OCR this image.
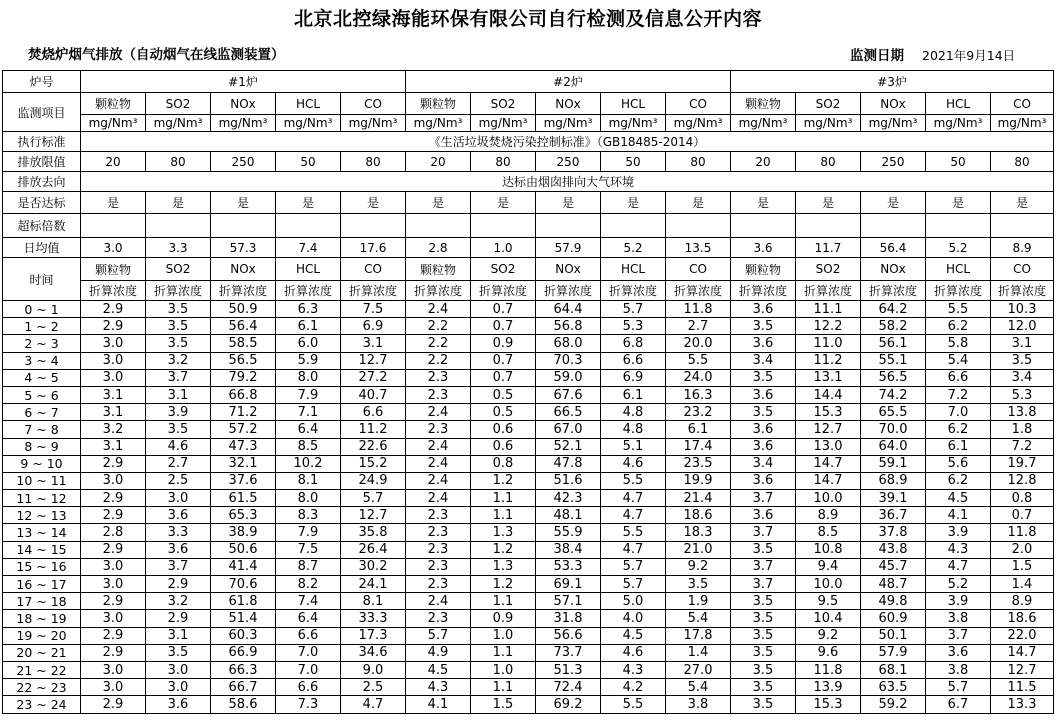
北京北控绿海能环保有限公司自行检测及信息公开内容
焚烧炉烟气排放（自动烟气在线监测装置）	监测日期 2021年9月14日
炉号	#1炉					#2炉					#3炉				
监测项目	颗粒物	SO2	NOx	HCL	CO	颗粒物	SO2	NOx	HCL	CO	颗粒物	SO2	NOx	HCL	CO
	mg/Nm³	mg/Nm³	mg/Nm³	mg/Nm³	mg/Nm³	mg/Nm³	mg/Nm³	mg/Nm³	mg/Nm³	mg/Nm³	mg/Nm³	mg/Nm³	mg/Nm³	mg/Nm³	mg/Nm³
执行标准	《生活垃圾焚烧污染控制标准》（GB18485-2014）														
排放限值	20	80	250	50	80	20	80	250	50	80	20	80	250	50	80
排放去向	达标由烟囱排向大气环境														
是否达标	是	是	是	是	是	是	是	是	是	是	是	是	是	是	是
超标倍数															
日均值	3.0	3.3	57.3	7.4	17.6	2.8	1.0	57.9	5.2	13.5	3.6	11.7	56.4	5.2	8.9
时间	颗粒物	SO2	NOx	HCL	CO	颗粒物	SO2	NOx	HCL	CO	颗粒物	SO2	NOx	HCL	CO
	折算浓度	折算浓度	折算浓度	折算浓度	折算浓度	折算浓度	折算浓度	折算浓度	折算浓度	折算浓度	折算浓度	折算浓度	折算浓度	折算浓度	折算浓度
0 ~ 1	2.9	3.5	50.9	6.3	7.5	2.4	0.7	64.4	5.7	11.8	3.6	11.1	64.2	5.5	10.3
1 ~ 2	2.9	3.5	56.4	6.1	6.9	2.2	0.7	56.8	5.3	2.7	3.5	12.2	58.2	6.2	12.0
2 ~ 3	3.0	3.5	58.5	6.0	3.1	2.2	0.9	68.0	6.8	20.0	3.6	11.0	56.1	5.8	3.1
3 ~ 4	3.0	3.2	56.5	5.9	12.7	2.2	0.7	70.3	6.6	5.5	3.4	11.2	55.1	5.4	3.5
4 ~ 5	3.0	3.7	79.2	8.0	27.2	2.3	0.7	59.0	6.9	24.0	3.5	13.1	56.5	6.6	3.4
5 ~ 6	3.1	3.1	66.8	7.9	40.7	2.3	0.5	67.6	6.1	16.3	3.6	14.4	74.2	7.2	5.3
6 ~ 7	3.1	3.9	71.2	7.1	6.6	2.4	0.5	66.5	4.8	23.2	3.5	15.3	65.5	7.0	13.8
7 ~ 8	3.2	3.5	57.2	6.4	11.2	2.3	0.6	67.0	4.8	6.1	3.6	12.7	70.0	6.2	1.8
8 ~ 9	3.1	4.6	47.3	8.5	22.6	2.4	0.6	52.1	5.1	17.4	3.6	13.0	64.0	6.1	7.2
9 ~ 10	2.9	2.7	32.1	10.2	15.2	2.4	0.8	47.8	4.6	23.5	3.4	14.7	59.1	5.6	19.7
10 ~ 11	3.0	2.5	37.6	8.1	24.9	2.4	1.2	51.6	5.5	19.9	3.6	14.7	68.9	6.2	12.8
11 ~ 12	2.9	3.0	61.5	8.0	5.7	2.4	1.1	42.3	4.7	21.4	3.7	10.0	39.1	4.5	0.8
12 ~ 13	2.9	3.6	65.3	8.3	12.7	2.3	1.1	48.1	4.7	18.6	3.6	8.9	36.7	4.1	0.7
13 ~ 14	2.8	3.3	38.9	7.9	35.8	2.3	1.3	55.9	5.5	18.3	3.7	8.5	37.8	3.9	11.8
14 ~ 15	2.9	3.6	50.6	7.5	26.4	2.3	1.2	38.4	4.7	21.0	3.5	10.8	43.8	4.3	2.0
15 ~ 16	3.0	3.7	41.4	8.7	30.2	2.3	1.3	53.3	5.7	9.2	3.7	9.4	45.7	4.7	1.5
16 ~ 17	3.0	2.9	70.6	8.2	24.1	2.3	1.2	69.1	5.7	3.5	3.7	10.0	48.7	5.2	1.4
17 ~ 18	2.9	3.2	61.8	7.4	8.1	2.4	1.1	57.1	5.0	1.9	3.5	9.5	49.8	3.9	8.9
18 ~ 19	3.0	2.9	51.4	6.4	33.3	2.3	0.9	31.8	4.0	5.4	3.5	10.4	60.9	3.8	18.6
19 ~ 20	2.9	3.1	60.3	6.6	17.3	5.7	1.0	56.6	4.5	17.8	3.5	9.2	50.1	3.7	22.0
20 ~ 21	2.9	3.5	66.9	7.0	34.6	4.9	1.1	73.7	4.6	1.4	3.5	9.6	57.9	3.6	14.7
21 ~ 22	3.0	3.0	66.3	7.0	9.0	4.5	1.0	51.3	4.3	27.0	3.5	11.8	68.1	3.8	12.7
22 ~ 23	3.0	3.0	66.7	6.6	2.5	4.3	1.1	72.4	4.2	5.4	3.5	13.9	63.5	5.7	11.5
23 ~ 24	2.9	3.6	58.6	7.3	4.7	4.1	1.5	69.2	5.5	3.8	3.5	15.3	59.2	6.7	13.3
